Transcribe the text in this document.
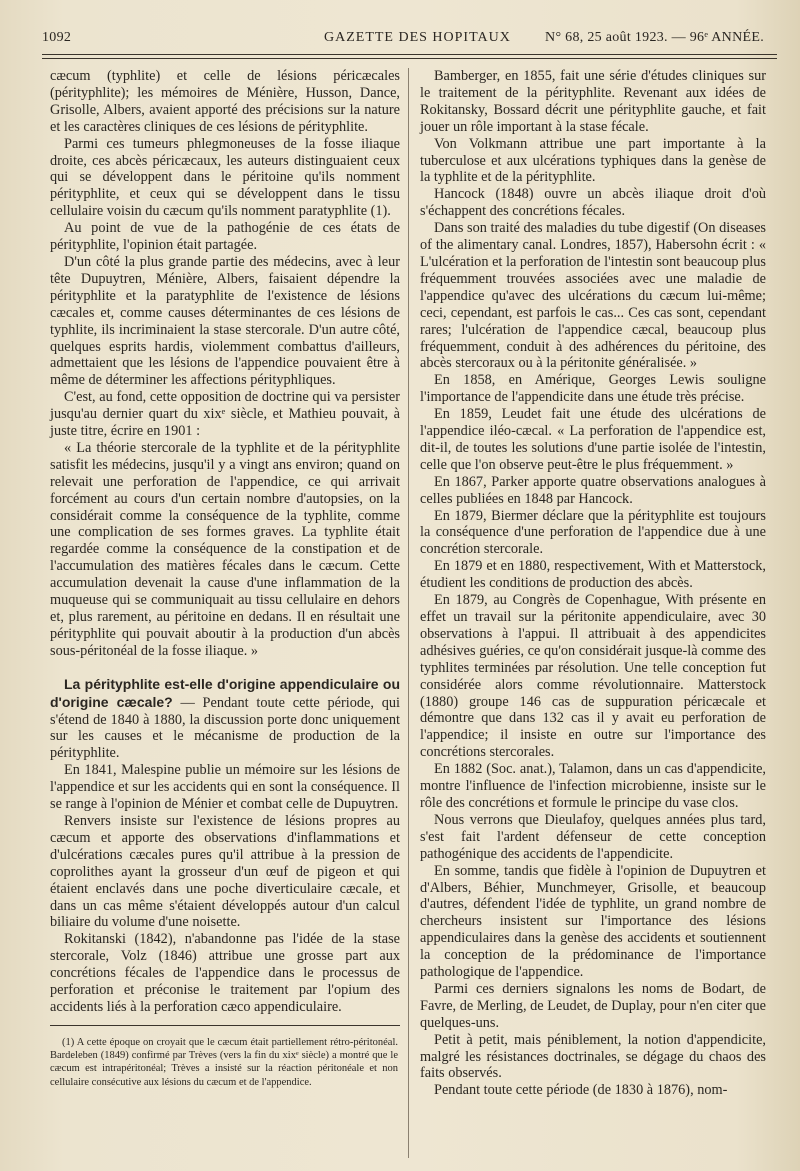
1092	GAZETTE DES HOPITAUX N° 68, 25 août 1923. — 96ᵉ ANNÉE.

cæcum (typhlite) et celle de lésions péricæcales (pérityphlite); les mémoires de Ménière, Husson, Dance, Grisolle, Albers, avaient apporté des précisions sur la nature et les caractères cliniques de ces lésions de pérityphlite.

Parmi ces tumeurs phlegmoneuses de la fosse iliaque droite, ces abcès péricæcaux, les auteurs distinguaient ceux qui se développent dans le péritoine qu'ils nomment pérityphlite, et ceux qui se développent dans le tissu cellulaire voisin du cæcum qu'ils nomment paratyphlite (1).

Au point de vue de la pathogénie de ces états de pérityphlite, l'opinion était partagée.

D'un côté la plus grande partie des médecins, avec à leur tête Dupuytren, Ménière, Albers, faisaient dépendre la pérityphlite et la paratyphlite de l'existence de lésions cæcales et, comme causes déterminantes de ces lésions de typhlite, ils incriminaient la stase stercorale. D'un autre côté, quelques esprits hardis, violemment combattus d'ailleurs, admettaient que les lésions de l'appendice pouvaient être à même de déterminer les affections pérityphliques.

C'est, au fond, cette opposition de doctrine qui va persister jusqu'au dernier quart du xixᵉ siècle, et Mathieu pouvait, à juste titre, écrire en 1901 :

« La théorie stercorale de la typhlite et de la pérityphlite satisfit les médecins, jusqu'il y a vingt ans environ; quand on relevait une perforation de l'appendice, ce qui arrivait forcément au cours d'un certain nombre d'autopsies, on la considérait comme la conséquence de la typhlite, comme une complication de ses formes graves. La typhlite était regardée comme la conséquence de la constipation et de l'accumulation des matières fécales dans le cæcum. Cette accumulation devenait la cause d'une inflammation de la muqueuse qui se communiquait au tissu cellulaire en dehors et, plus rarement, au péritoine en dedans. Il en résultait une pérityphlite qui pouvait aboutir à la production d'un abcès sous-péritonéal de la fosse iliaque. »

La pérityphlite est-elle d'origine appendiculaire ou d'origine cæcale? — Pendant toute cette période, qui s'étend de 1840 à 1880, la discussion porte donc uniquement sur les causes et le mécanisme de production de la pérityphlite.

En 1841, Malespine publie un mémoire sur les lésions de l'appendice et sur les accidents qui en sont la conséquence. Il se range à l'opinion de Ménier et combat celle de Dupuytren.

Renvers insiste sur l'existence de lésions propres au cæcum et apporte des observations d'inflammations et d'ulcérations cæcales pures qu'il attribue à la pression de coprolithes ayant la grosseur d'un œuf de pigeon et qui étaient enclavés dans une poche diverticulaire cæcale, et dans un cas même s'étaient développés autour d'un calcul biliaire du volume d'une noisette.

Rokitanski (1842), n'abandonne pas l'idée de la stase stercorale, Volz (1846) attribue une grosse part aux concrétions fécales de l'appendice dans le processus de perforation et préconise le traitement par l'opium des accidents liés à la perforation cæco appendiculaire.

(1) A cette époque on croyait que le cæcum était partiellement rétro-péritonéal. Bardeleben (1849) confirmé par Trèves (vers la fin du xixᵉ siècle) a montré que le cæcum est intrapéritonéal; Trèves a insisté sur la réaction péritonéale et non cellulaire consécutive aux lésions du cæcum et de l'appendice.

Bamberger, en 1855, fait une série d'études cliniques sur le traitement de la pérityphlite. Revenant aux idées de Rokitansky, Bossard décrit une pérityphlite gauche, et fait jouer un rôle important à la stase fécale.

Von Volkmann attribue une part importante à la tuberculose et aux ulcérations typhiques dans la genèse de la typhlite et de la pérityphlite.

Hancock (1848) ouvre un abcès iliaque droit d'où s'échappent des concrétions fécales.

Dans son traité des maladies du tube digestif (On diseases of the alimentary canal. Londres, 1857), Habersohn écrit : « L'ulcération et la perforation de l'intestin sont beaucoup plus fréquemment trouvées associées avec une maladie de l'appendice qu'avec des ulcérations du cæcum lui-même; ceci, cependant, est parfois le cas... Ces cas sont, cependant rares; l'ulcération de l'appendice cæcal, beaucoup plus fréquemment, conduit à des adhérences du péritoine, des abcès stercoraux ou à la péritonite généralisée. »

En 1858, en Amérique, Georges Lewis souligne l'importance de l'appendicite dans une étude très précise.

En 1859, Leudet fait une étude des ulcérations de l'appendice iléo-cæcal. « La perforation de l'appendice est, dit-il, de toutes les solutions d'une partie isolée de l'intestin, celle que l'on observe peut-être le plus fréquemment. »

En 1867, Parker apporte quatre observations analogues à celles publiées en 1848 par Hancock.

En 1879, Biermer déclare que la pérityphlite est toujours la conséquence d'une perforation de l'appendice due à une concrétion stercorale.

En 1879 et en 1880, respectivement, With et Matterstock, étudient les conditions de production des abcès.

En 1879, au Congrès de Copenhague, With présente en effet un travail sur la péritonite appendiculaire, avec 30 observations à l'appui. Il attribuait à des appendicites adhésives guéries, ce qu'on considérait jusque-là comme des typhlites terminées par résolution. Une telle conception fut considérée alors comme révolutionnaire. Matterstock (1880) groupe 146 cas de suppuration péricæcale et démontre que dans 132 cas il y avait eu perforation de l'appendice; il insiste en outre sur l'importance des concrétions stercorales.

En 1882 (Soc. anat.), Talamon, dans un cas d'appendicite, montre l'influence de l'infection microbienne, insiste sur le rôle des concrétions et formule le principe du vase clos.

Nous verrons que Dieulafoy, quelques années plus tard, s'est fait l'ardent défenseur de cette conception pathogénique des accidents de l'appendicite.

En somme, tandis que fidèle à l'opinion de Dupuytren et d'Albers, Béhier, Munchmeyer, Grisolle, et beaucoup d'autres, défendent l'idée de typhlite, un grand nombre de chercheurs insistent sur l'importance des lésions appendiculaires dans la genèse des accidents et soutiennent la conception de la prédominance de l'importance pathologique de l'appendice.

Parmi ces derniers signalons les noms de Bodart, de Favre, de Merling, de Leudet, de Duplay, pour n'en citer que quelques-uns.

Petit à petit, mais péniblement, la notion d'appendicite, malgré les résistances doctrinales, se dégage du chaos des faits observés.

Pendant toute cette période (de 1830 à 1876), nom-
